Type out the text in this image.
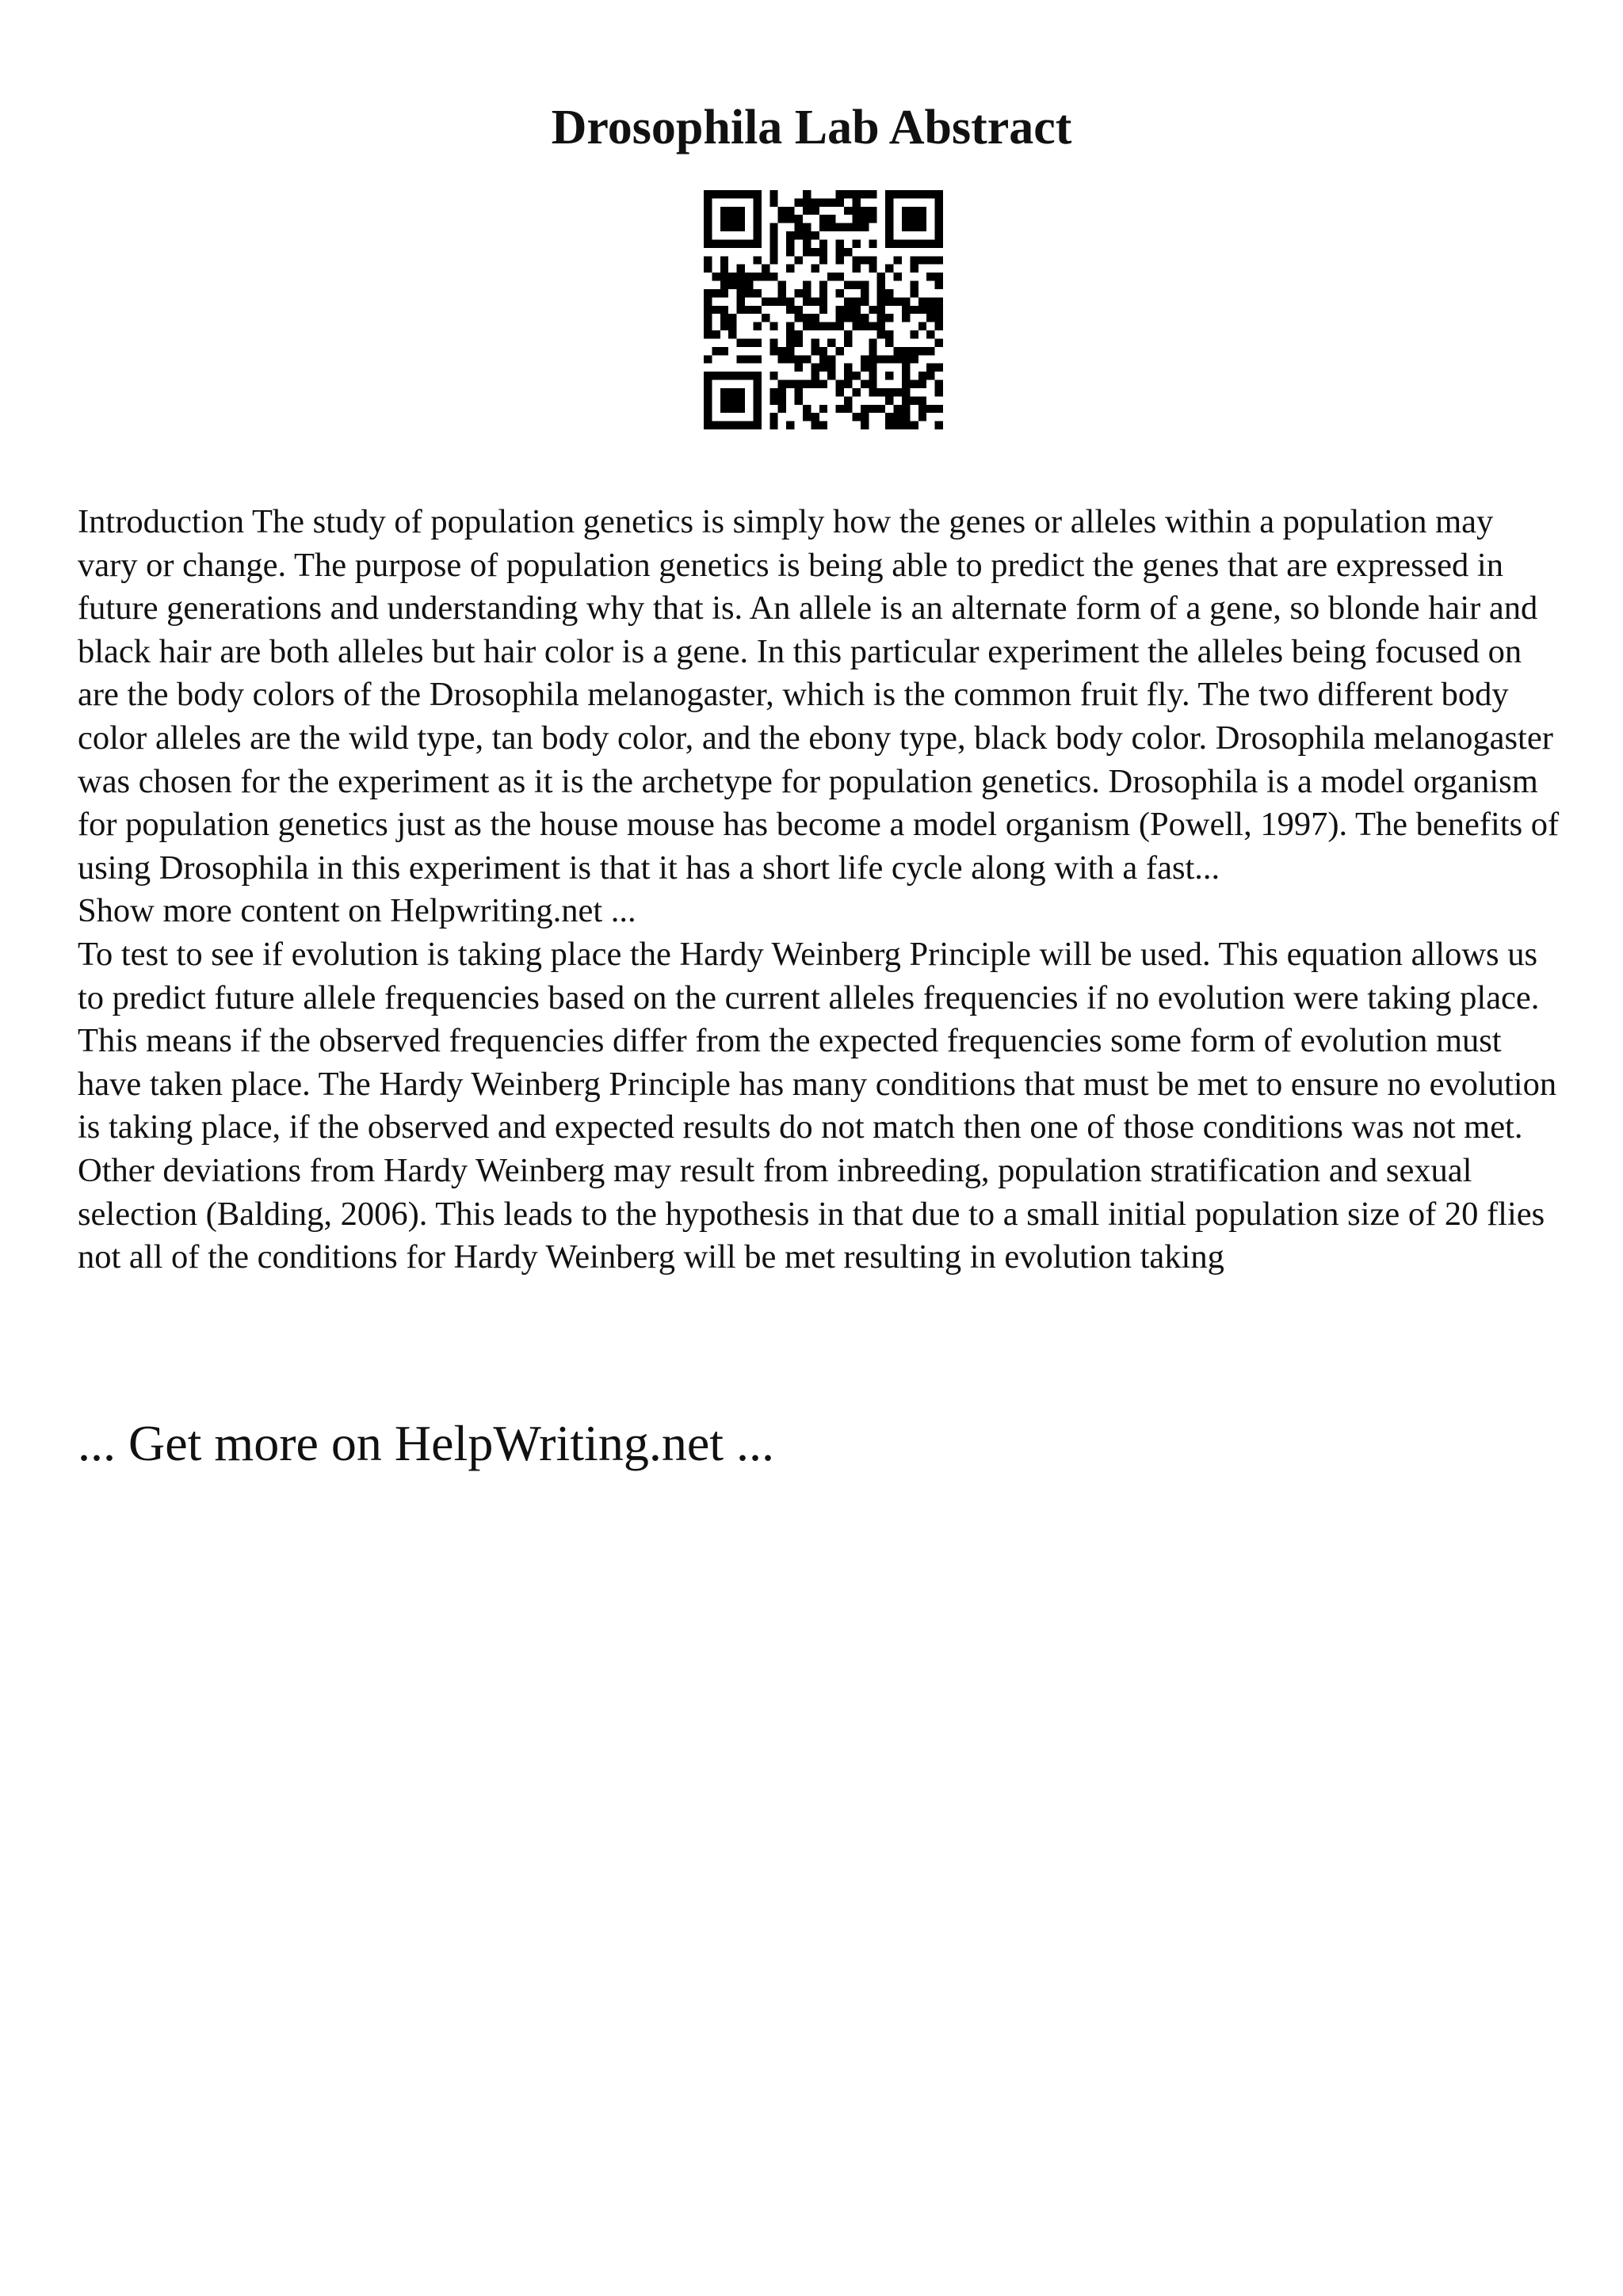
Drosophila Lab Abstract

Introduction The study of population genetics is simply how the genes or alleles within a population may vary or change. The purpose of population genetics is being able to predict the genes that are expressed in future generations and understanding why that is. An allele is an alternate form of a gene, so blonde hair and black hair are both alleles but hair color is a gene. In this particular experiment the alleles being focused on are the body colors of the Drosophila melanogaster, which is the common fruit fly. The two different body color alleles are the wild type, tan body color, and the ebony type, black body color. Drosophila melanogaster was chosen for the experiment as it is the archetype for population genetics. Drosophila is a model organism for population genetics just as the house mouse has become a model organism (Powell, 1997). The benefits of using Drosophila in this experiment is that it has a short life cycle along with a fast...

Show more content on Helpwriting.net ...

To test to see if evolution is taking place the Hardy Weinberg Principle will be used. This equation allows us to predict future allele frequencies based on the current alleles frequencies if no evolution were taking place. This means if the observed frequencies differ from the expected frequencies some form of evolution must have taken place. The Hardy Weinberg Principle has many conditions that must be met to ensure no evolution is taking place, if the observed and expected results do not match then one of those conditions was not met. Other deviations from Hardy Weinberg may result from inbreeding, population stratification and sexual selection (Balding, 2006). This leads to the hypothesis in that due to a small initial population size of 20 flies not all of the conditions for Hardy Weinberg will be met resulting in evolution taking

... Get more on HelpWriting.net ...
